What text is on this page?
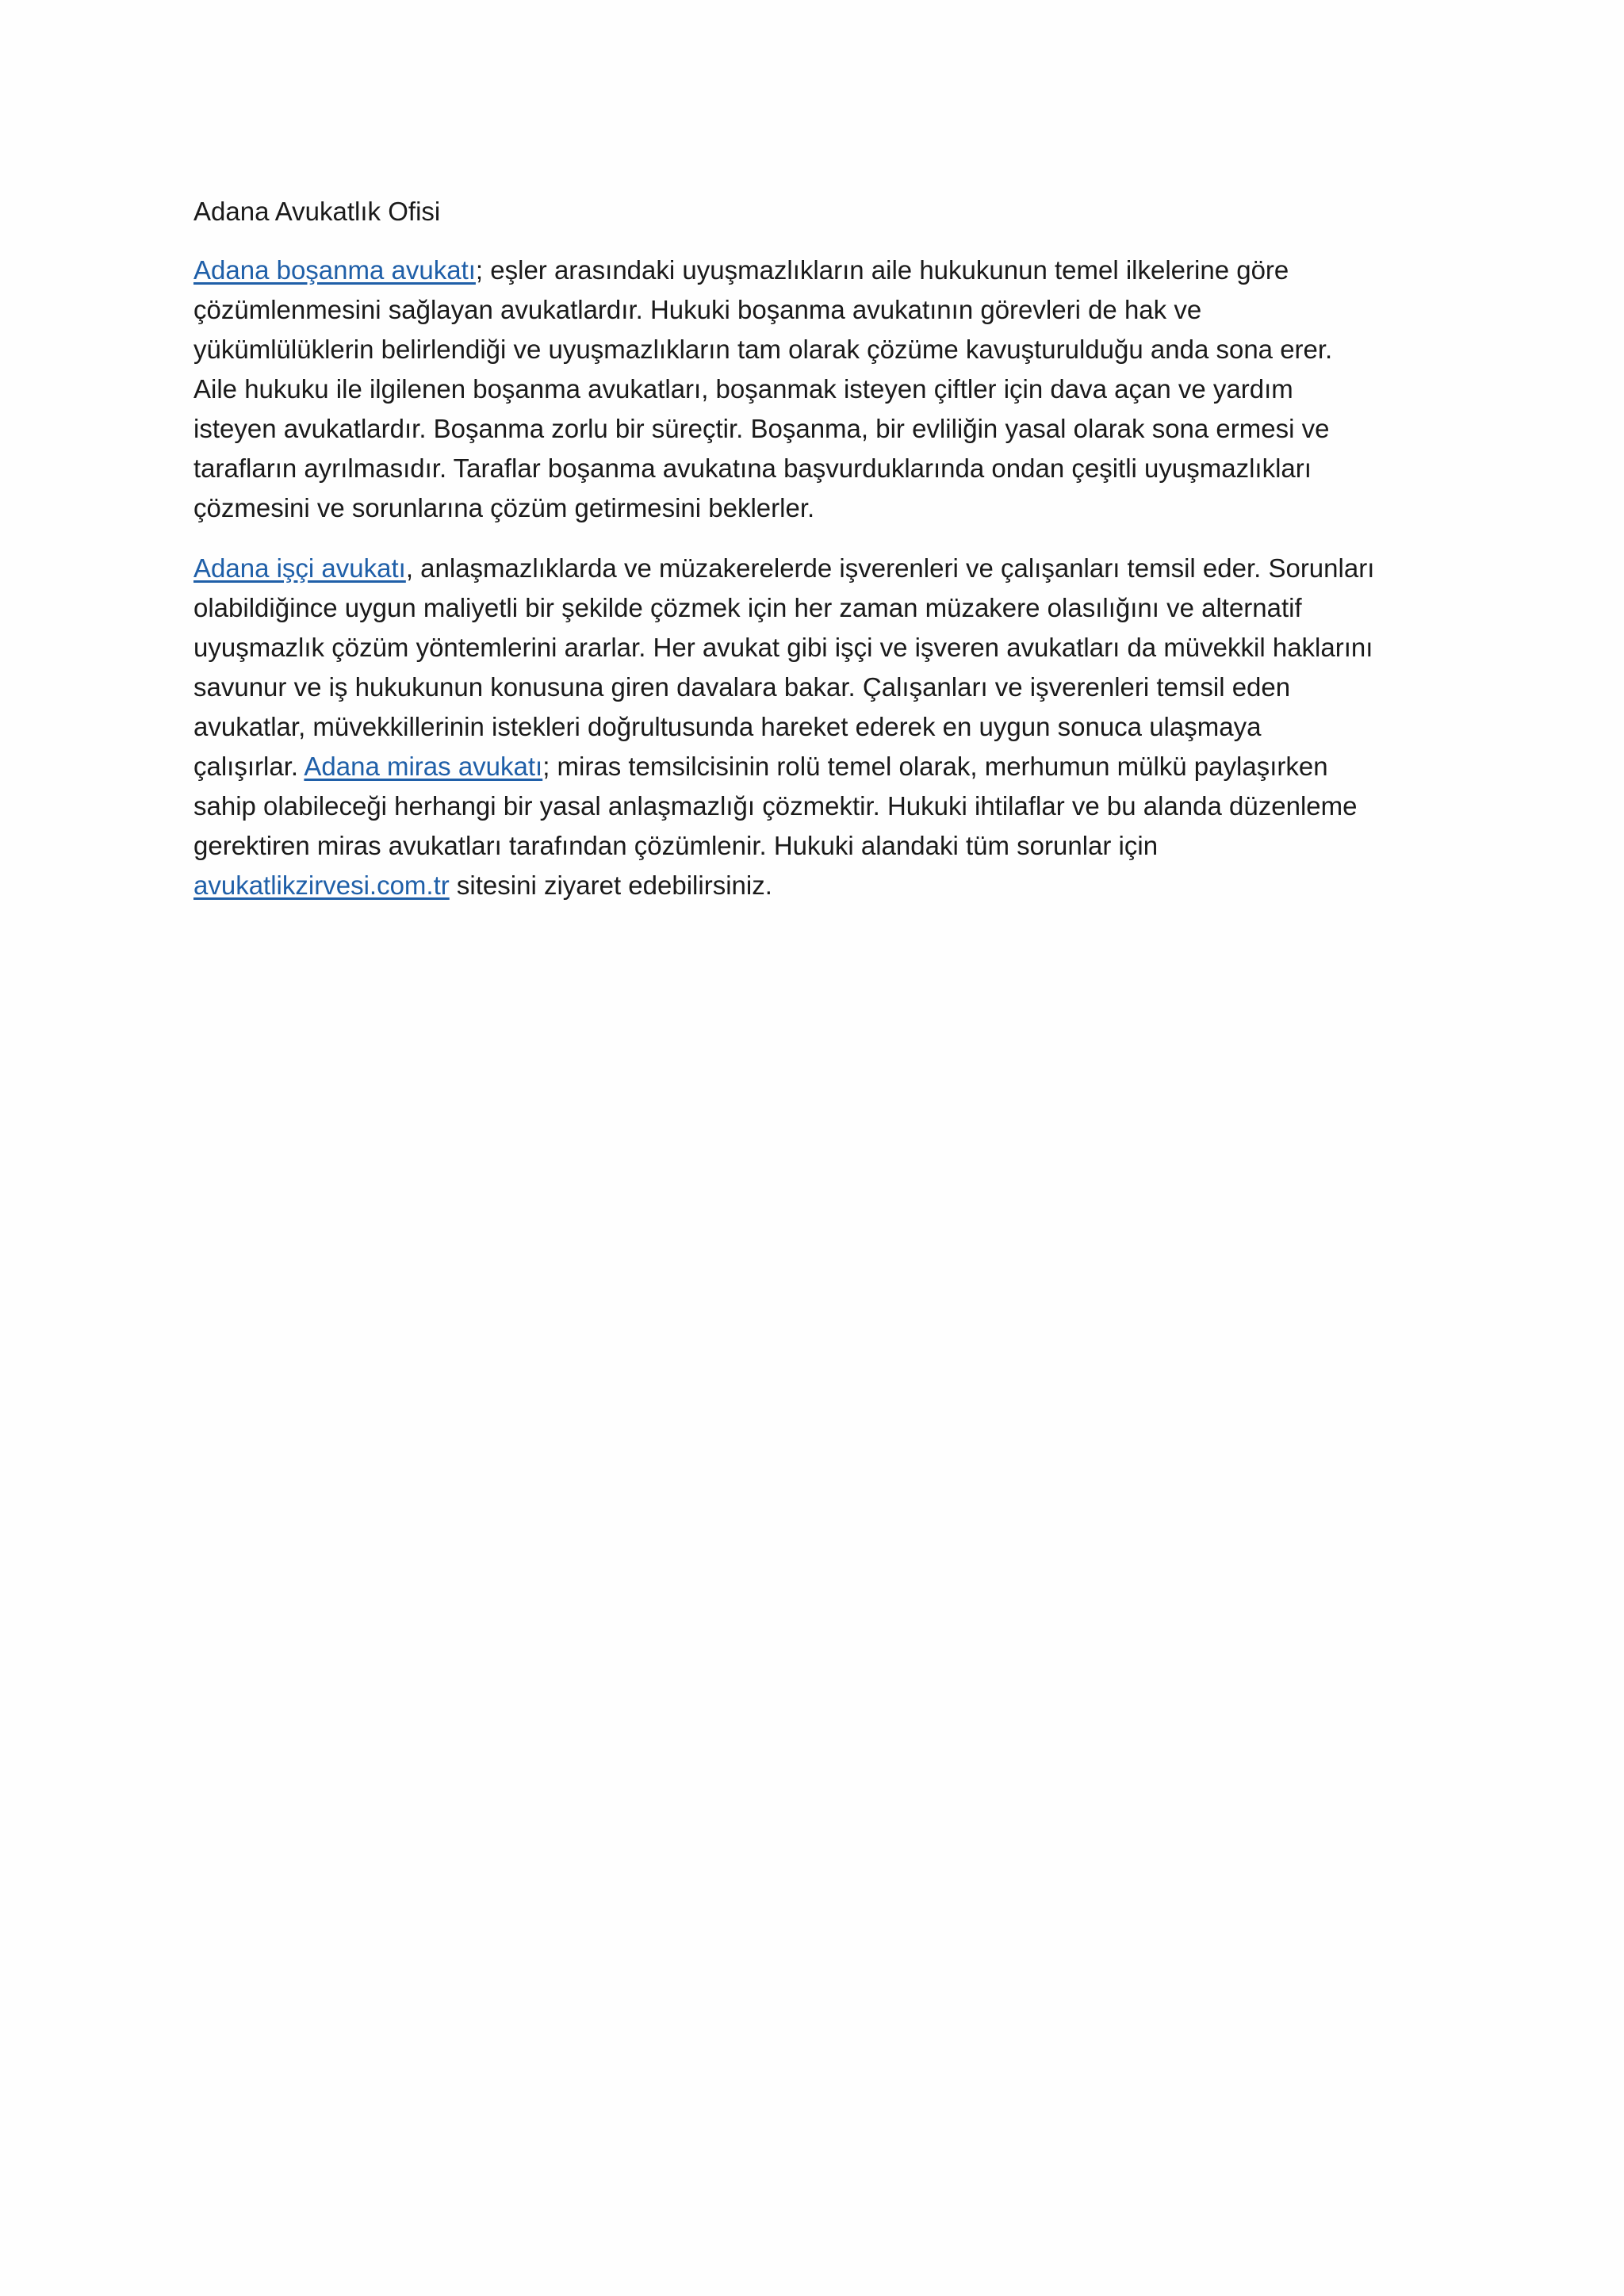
Adana Avukatlık Ofisi
Adana boşanma avukatı; eşler arasındaki uyuşmazlıkların aile hukukunun temel ilkelerine göre
çözümlenmesini sağlayan avukatlardır. Hukuki boşanma avukatının görevleri de hak ve
yükümlülüklerin belirlendiği ve uyuşmazlıkların tam olarak çözüme kavuşturulduğu anda sona erer.
Aile hukuku ile ilgilenen boşanma avukatları, boşanmak isteyen çiftler için dava açan ve yardım
isteyen avukatlardır. Boşanma zorlu bir süreçtir. Boşanma, bir evliliğin yasal olarak sona ermesi ve
tarafların ayrılmasıdır. Taraflar boşanma avukatına başvurduklarında ondan çeşitli uyuşmazlıkları
çözmesini ve sorunlarına çözüm getirmesini beklerler.
Adana işçi avukatı, anlaşmazlıklarda ve müzakerelerde işverenleri ve çalışanları temsil eder. Sorunları
olabildiğince uygun maliyetli bir şekilde çözmek için her zaman müzakere olasılığını ve alternatif
uyuşmazlık çözüm yöntemlerini ararlar. Her avukat gibi işçi ve işveren avukatları da müvekkil haklarını
savunur ve iş hukukunun konusuna giren davalara bakar. Çalışanları ve işverenleri temsil eden
avukatlar, müvekkillerinin istekleri doğrultusunda hareket ederek en uygun sonuca ulaşmaya
çalışırlar. Adana miras avukatı; miras temsilcisinin rolü temel olarak, merhumun mülkü paylaşırken
sahip olabileceği herhangi bir yasal anlaşmazlığı çözmektir. Hukuki ihtilaflar ve bu alanda düzenleme
gerektiren miras avukatları tarafından çözümlenir. Hukuki alandaki tüm sorunlar için
avukatlikzirvesi.com.tr sitesini ziyaret edebilirsiniz.
